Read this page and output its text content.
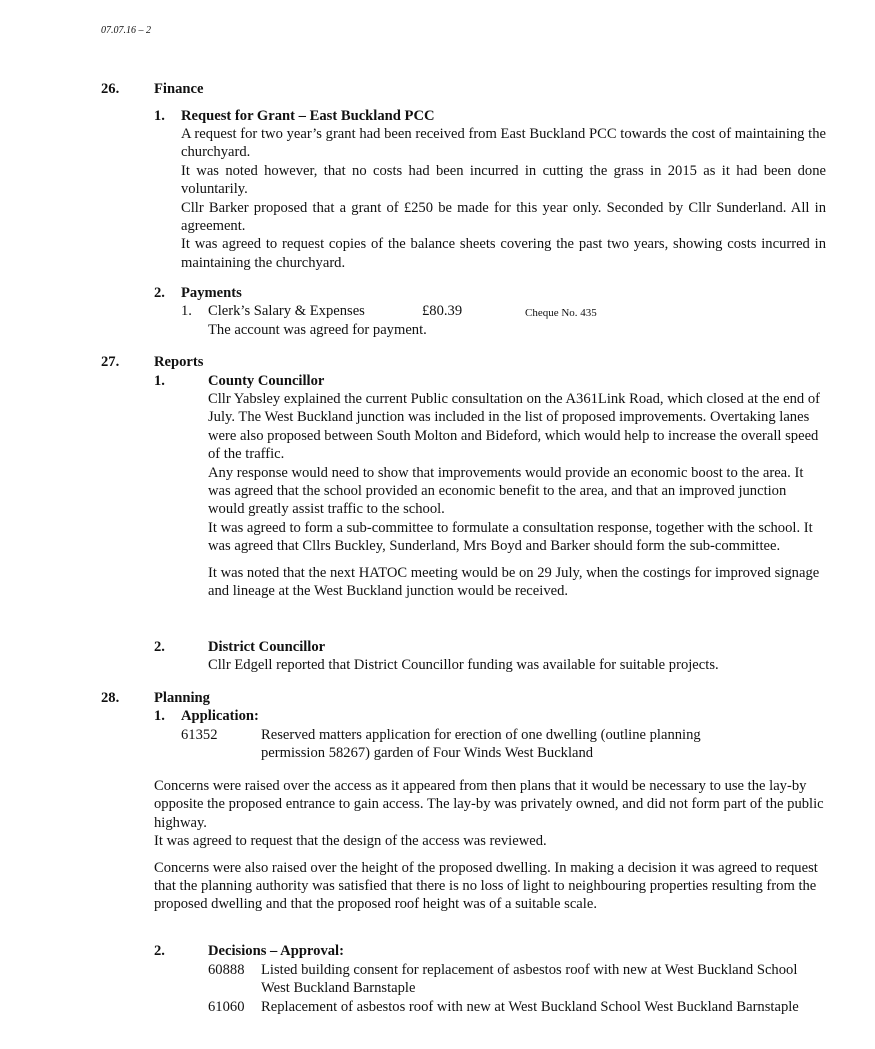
07.07.16 – 2
26. Finance
1. Request for Grant – East Buckland PCC

A request for two year’s grant had been received from East Buckland PCC towards the cost of maintaining the churchyard.

It was noted however, that no costs had been incurred in cutting the grass in 2015 as it had been done voluntarily.

Cllr Barker proposed that a grant of £250 be made for this year only. Seconded by Cllr Sunderland. All in agreement.

It was agreed to request copies of the balance sheets covering the past two years, showing costs incurred in maintaining the churchyard.

2. Payments
1. Clerk’s Salary & Expenses	£80.39	Cheque No. 435
The account was agreed for payment.
27. Reports
1.	County Councillor

Cllr Yabsley explained the current Public consultation on the A361Link Road, which closed at the end of July. The West Buckland junction was included in the list of proposed improvements. Overtaking lanes were also proposed between South Molton and Bideford, which would help to increase the overall speed of the traffic.

Any response would need to show that improvements would provide an economic boost to the area. It was agreed that the school provided an economic benefit to the area, and that an improved junction would greatly assist traffic to the school.

It was agreed to form a sub-committee to formulate a consultation response, together with the school. It was agreed that Cllrs Buckley, Sunderland, Mrs Boyd and Barker should form the sub-committee.

It was noted that the next HATOC meeting would be on 29 July, when the costings for improved signage and lineage at the West Buckland junction would be received.

2.	District Councillor
Cllr Edgell reported that District Councillor funding was available for suitable projects.
28. Planning
1. Application:
61352	Reserved matters application for erection of one dwelling (outline planning permission 58267) garden of Four Winds West Buckland

Concerns were raised over the access as it appeared from then plans that it would be necessary to use the lay-by opposite the proposed entrance to gain access. The lay-by was privately owned, and did not form part of the public highway.

It was agreed to request that the design of the access was reviewed.

Concerns were also raised over the height of the proposed dwelling. In making a decision it was agreed to request that the planning authority was satisfied that there is no loss of light to neighbouring properties resulting from the proposed dwelling and that the proposed roof height was of a suitable scale.

2.	Decisions – Approval:
60888 Listed building consent for replacement of asbestos roof with new at West Buckland School West Buckland Barnstaple
61060 Replacement of asbestos roof with new at West Buckland School West Buckland Barnstaple
